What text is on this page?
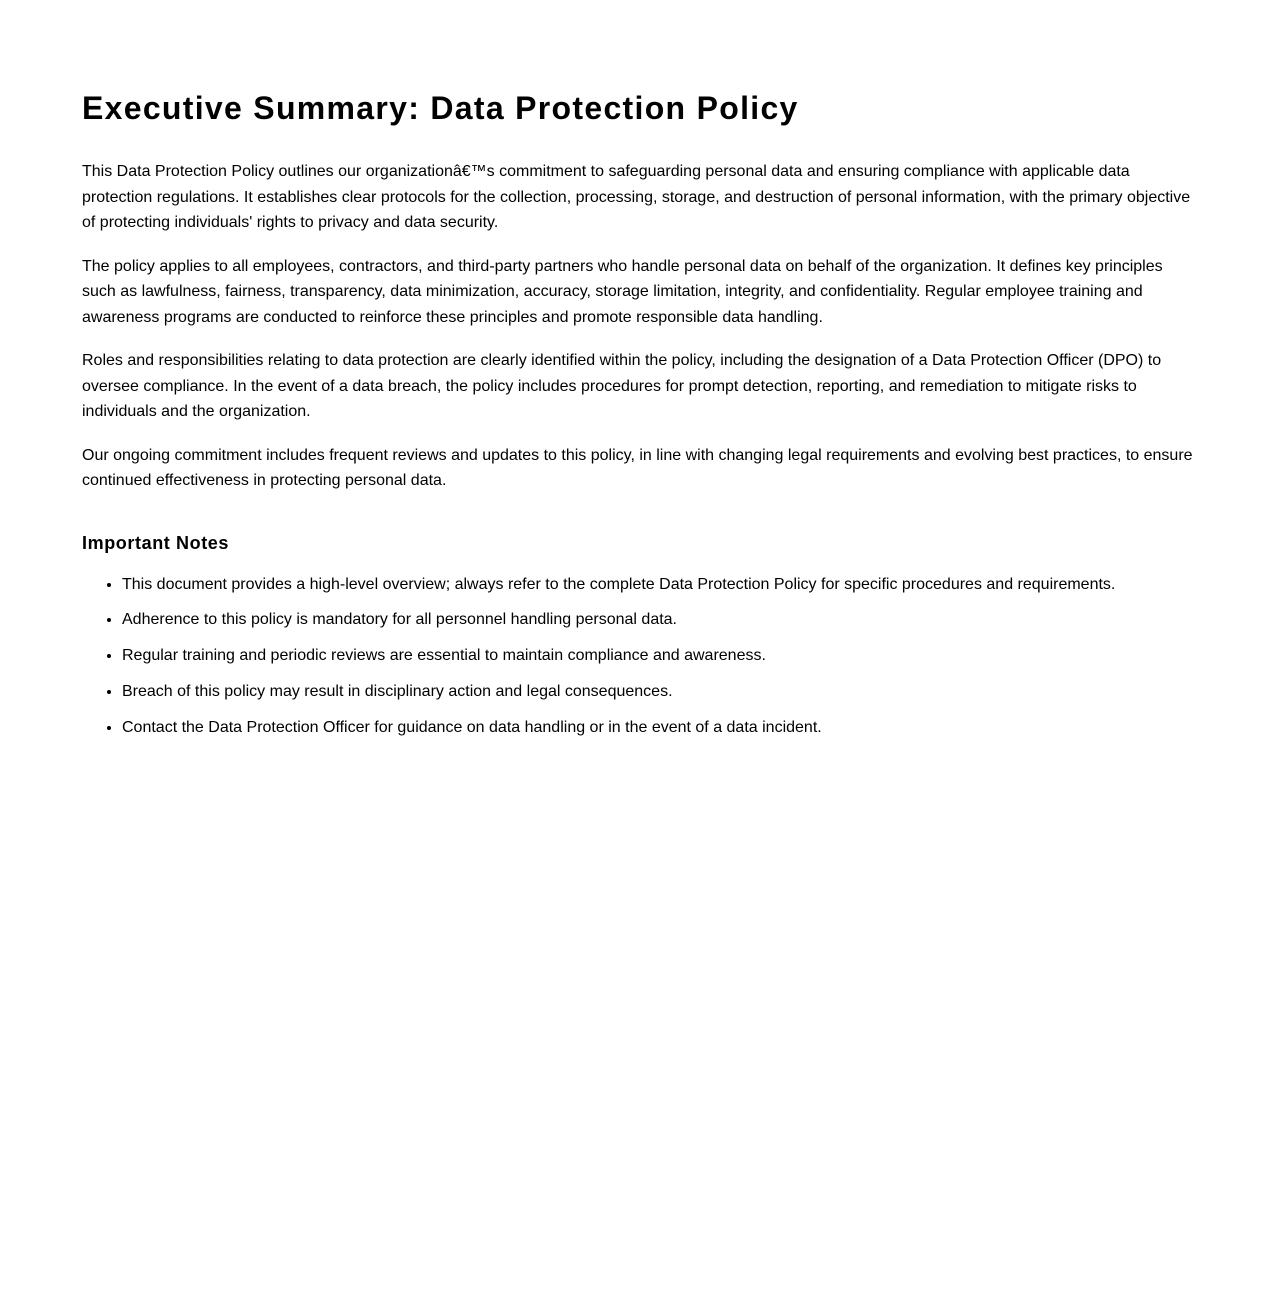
Executive Summary: Data Protection Policy

This Data Protection Policy outlines our organizationâ€™s commitment to safeguarding personal data and ensuring compliance with applicable data protection regulations. It establishes clear protocols for the collection, processing, storage, and destruction of personal information, with the primary objective of protecting individuals' rights to privacy and data security.

The policy applies to all employees, contractors, and third-party partners who handle personal data on behalf of the organization. It defines key principles such as lawfulness, fairness, transparency, data minimization, accuracy, storage limitation, integrity, and confidentiality. Regular employee training and awareness programs are conducted to reinforce these principles and promote responsible data handling.

Roles and responsibilities relating to data protection are clearly identified within the policy, including the designation of a Data Protection Officer (DPO) to oversee compliance. In the event of a data breach, the policy includes procedures for prompt detection, reporting, and remediation to mitigate risks to individuals and the organization.

Our ongoing commitment includes frequent reviews and updates to this policy, in line with changing legal requirements and evolving best practices, to ensure continued effectiveness in protecting personal data.

Important Notes
• This document provides a high-level overview; always refer to the complete Data Protection Policy for specific procedures and requirements.
• Adherence to this policy is mandatory for all personnel handling personal data.
• Regular training and periodic reviews are essential to maintain compliance and awareness.
• Breach of this policy may result in disciplinary action and legal consequences.
• Contact the Data Protection Officer for guidance on data handling or in the event of a data incident.
